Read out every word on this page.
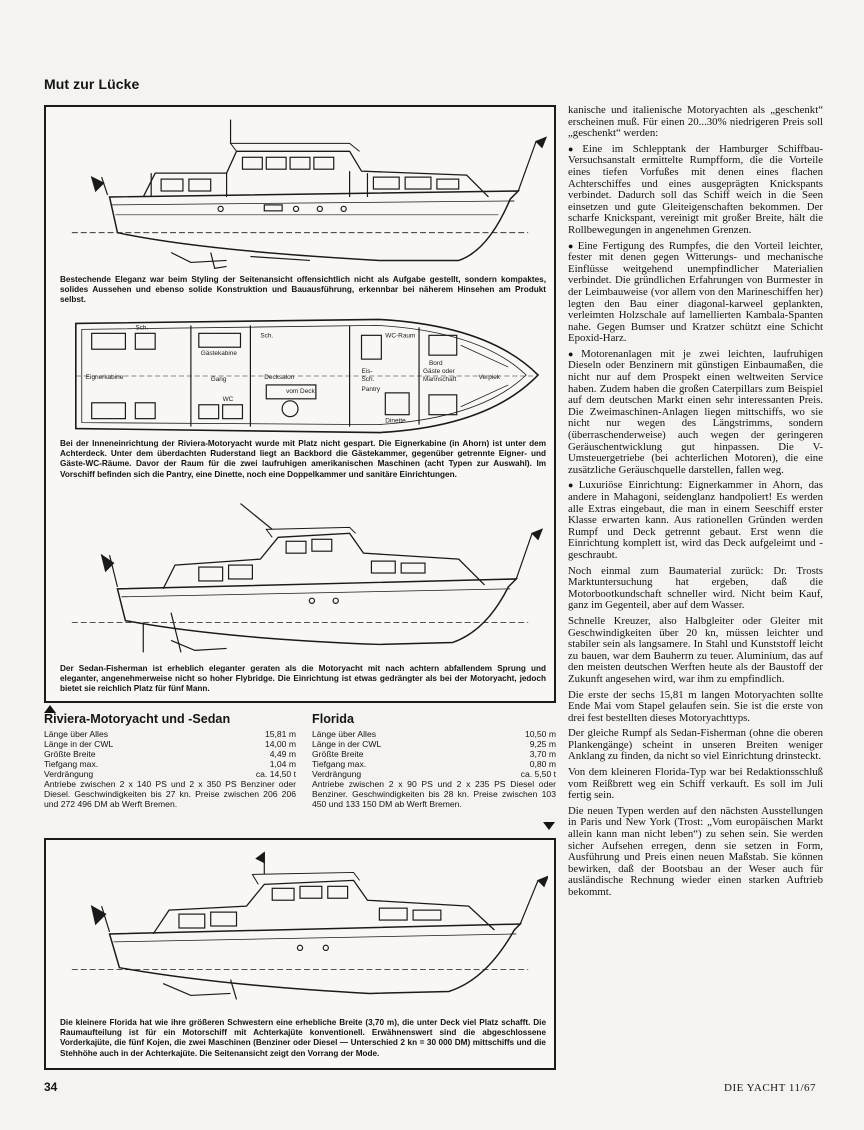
Mut zur Lücke

Bestechende Eleganz war beim Styling der Seitenansicht offensichtlich nicht als Aufgabe gestellt, sondern kompaktes, solides Aussehen und ebenso solide Konstruktion und Bauausführung, erkennbar bei näherem Hinsehen am Produkt selbst.

Sch.
Sch.
Gästekabine
Eignerkabine	Gang	Decksalon
WC
WC-Raum
Bord
Eis-
Sch.
Pantry
Dinette
Gäste oder
Mannschaft	Verpiek
vom Deck

Bei der Inneneinrichtung der Riviera-Motoryacht wurde mit Platz nicht gespart. Die Eignerkabine (in Ahorn) ist unter dem Achterdeck. Unter dem überdachten Ruderstand liegt an Backbord die Gästekammer, gegenüber getrennte Eigner- und Gäste-WC-Räume. Davor der Raum für die zwei laufruhigen amerikanischen Maschinen (acht Typen zur Auswahl). Im Vorschiff befinden sich die Pantry, eine Dinette, noch eine Doppelkammer und sanitäre Einrichtungen.

Der Sedan-Fisherman ist erheblich eleganter geraten als die Motoryacht mit nach achtern abfallendem Sprung und eleganter, angenehmerweise nicht so hoher Flybridge. Die Einrichtung ist etwas gedrängter als bei der Motoryacht, jedoch bietet sie reichlich Platz für fünf Mann.

Riviera-Motoryacht und -Sedan

Länge über Alles	15,81 m
Länge in der CWL	14,00 m
Größte Breite	4,49 m
Tiefgang max.	1,04 m
Verdrängung	ca. 14,50 t

Antriebe zwischen 2 x 140 PS und 2 x 350 PS Benziner oder Diesel. Geschwindigkeiten bis 27 kn. Preise zwischen 206 206 und 272 496 DM ab Werft Bremen.

Florida

Länge über Alles	10,50 m
Länge in der CWL	9,25 m
Größte Breite	3,70 m
Tiefgang max.	0,80 m
Verdrängung	ca. 5,50 t

Antriebe zwischen 2 x 90 PS und 2 x 235 PS Diesel oder Benziner. Geschwindigkeiten bis 28 kn. Preise zwischen 103 450 und 133 150 DM ab Werft Bremen.

Die kleinere Florida hat wie ihre größeren Schwestern eine erhebliche Breite (3,70 m), die unter Deck viel Platz schafft. Die Raumaufteilung ist für ein Motorschiff mit Achterkajüte konventionell. Erwähnenswert sind die abgeschlossene Vorderkajüte, die fünf Kojen, die zwei Maschinen (Benziner oder Diesel — Unterschied 2 kn = 30 000 DM) mittschiffs und die Stehhöhe auch in der Achterkajüte. Die Seitenansicht zeigt den Vorrang der Mode.

kanische und italienische Motoryachten als „geschenkt“ erscheinen muß. Für einen 20...30% niedrigeren Preis soll „geschenkt“ werden:

● Eine im Schlepptank der Hamburger Schiffbau-Versuchsanstalt ermittelte Rumpfform, die die Vorteile eines tiefen Vorfußes mit denen eines flachen Achterschiffes und eines ausgeprägten Knickspants verbindet. Dadurch soll das Schiff weich in die Seen einsetzen und gute Gleiteigenschaften bekommen. Der scharfe Knickspant, vereinigt mit großer Breite, hält die Rollbewegungen in angenehmen Grenzen.

● Eine Fertigung des Rumpfes, die den Vorteil leichter, fester mit denen gegen Witterungs- und mechanische Einflüsse weitgehend unempfindlicher Materialien verbindet. Die gründlichen Erfahrungen von Burmester in der Leimbauweise (vor allem von den Marineschiffen her) legten den Bau einer diagonal-karweel geplankten, verleimten Holzschale auf lamellierten Kambala-Spanten nahe. Gegen Bumser und Kratzer schützt eine Schicht Epoxid-Harz.

● Motorenanlagen mit je zwei leichten, laufruhigen Dieseln oder Benzinern mit günstigen Einbaumaßen, die nicht nur auf dem Prospekt einen weltweiten Service haben. Zudem haben die großen Caterpillars zum Beispiel auf dem deutschen Markt einen sehr interessanten Preis. Die Zweimaschinen-Anlagen liegen mittschiffs, wo sie nicht nur wegen des Längstrimms, sondern (überraschenderweise) auch wegen der geringeren Geräuschentwicklung gut hinpassen. Die V-Umsteuergetriebe (bei achterlichen Motoren), die eine zusätzliche Geräuschquelle darstellen, fallen weg.

● Luxuriöse Einrichtung: Eignerkammer in Ahorn, das andere in Mahagoni, seidenglanz handpoliert! Es werden alle Extras eingebaut, die man in einem Seeschiff erster Klasse erwarten kann. Aus rationellen Gründen werden Rumpf und Deck getrennt gebaut. Erst wenn die Einrichtung komplett ist, wird das Deck aufgeleimt und -geschraubt.

Noch einmal zum Baumaterial zurück: Dr. Trosts Marktuntersuchung hat ergeben, daß die Motorbootkundschaft schneller wird. Nicht beim Kauf, ganz im Gegenteil, aber auf dem Wasser.

Schnelle Kreuzer, also Halbgleiter oder Gleiter mit Geschwindigkeiten über 20 kn, müssen leichter und stabiler sein als langsamere. In Stahl und Kunststoff leicht zu bauen, war dem Bauherrn zu teuer. Aluminium, das auf den meisten deutschen Werften heute als der Baustoff der Zukunft angesehen wird, war ihm zu empfindlich.

Die erste der sechs 15,81 m langen Motoryachten sollte Ende Mai vom Stapel gelaufen sein. Sie ist die erste von drei fest bestellten dieses Motoryachttyps.

Der gleiche Rumpf als Sedan-Fisherman (ohne die oberen Plankengänge) scheint in unseren Breiten weniger Anklang zu finden, da nicht so viel Einrichtung drinsteckt.

Von dem kleineren Florida-Typ war bei Redaktionsschluß vom Reißbrett weg ein Schiff verkauft. Es soll im Juli fertig sein.

Die neuen Typen werden auf den nächsten Ausstellungen in Paris und New York (Trost: „Vom europäischen Markt allein kann man nicht leben“) zu sehen sein. Sie werden sicher Aufsehen erregen, denn sie setzen in Form, Ausführung und Preis einen neuen Maßstab. Sie können bewirken, daß der Bootsbau an der Weser auch für ausländische Rechnung wieder einen starken Auftrieb bekommt.

34	DIE YACHT 11/67
